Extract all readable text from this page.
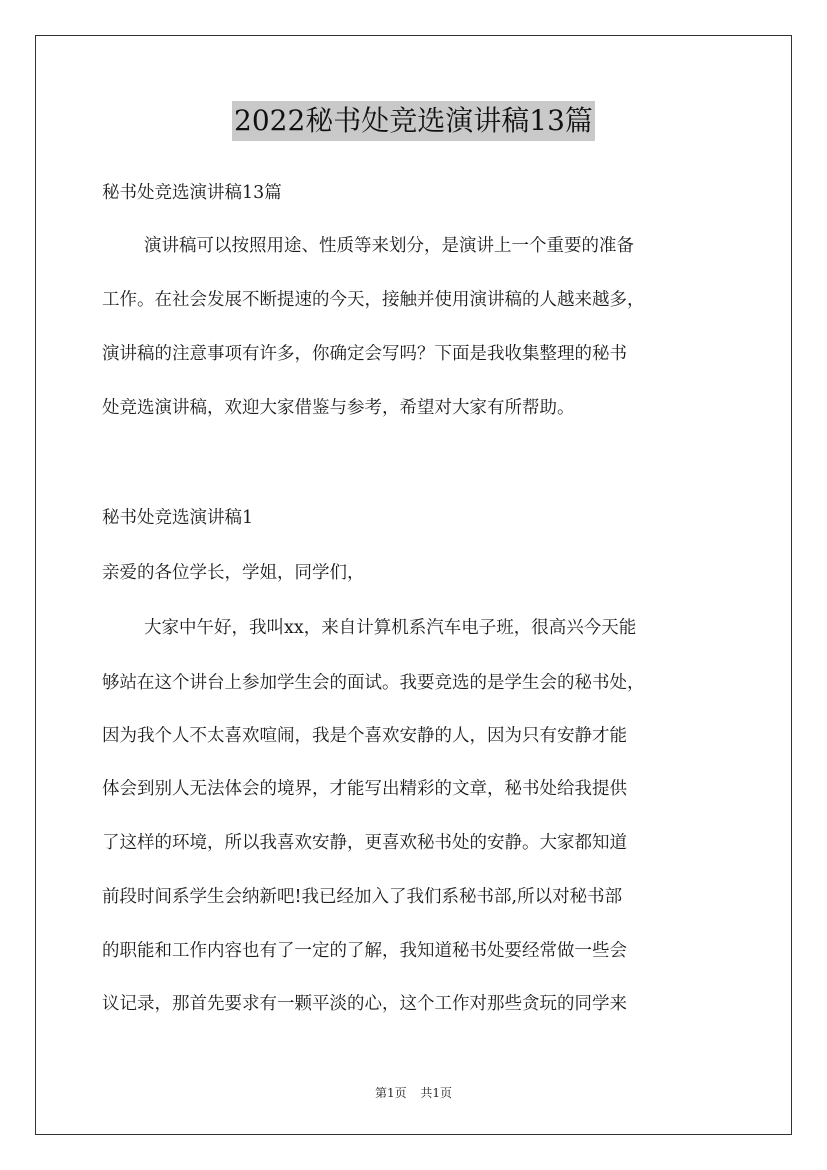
2022秘书处竞选演讲稿13篇
秘书处竞选演讲稿13篇
演讲稿可以按照用途、性质等来划分，是演讲上一个重要的准备
工作。在社会发展不断提速的今天，接触并使用演讲稿的人越来越多，
演讲稿的注意事项有许多，你确定会写吗？下面是我收集整理的秘书
处竞选演讲稿，欢迎大家借鉴与参考，希望对大家有所帮助。
秘书处竞选演讲稿1
亲爱的各位学长，学姐，同学们，
大家中午好，我叫xx，来自计算机系汽车电子班，很高兴今天能
够站在这个讲台上参加学生会的面试。我要竞选的是学生会的秘书处，
因为我个人不太喜欢喧闹，我是个喜欢安静的人，因为只有安静才能
体会到别人无法体会的境界，才能写出精彩的文章，秘书处给我提供
了这样的环境，所以我喜欢安静，更喜欢秘书处的安静。大家都知道
前段时间系学生会纳新吧!我已经加入了我们系秘书部,所以对秘书部
的职能和工作内容也有了一定的了解，我知道秘书处要经常做一些会
议记录，那首先要求有一颗平淡的心，这个工作对那些贪玩的同学来
第1页 共1页
